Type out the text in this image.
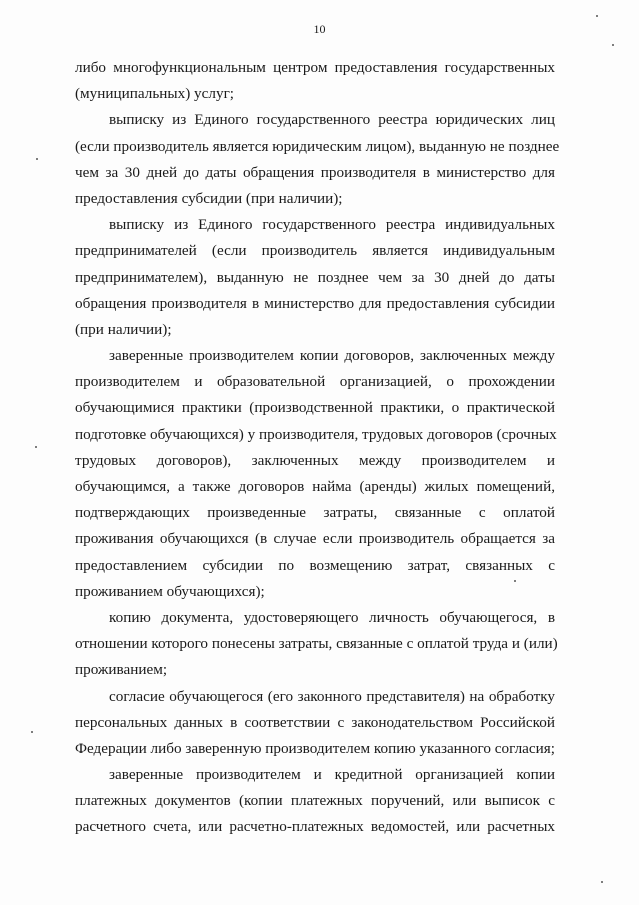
10
либо многофункциональным центром предоставления государственных
(муниципальных) услуг;
выписку из Единого государственного реестра юридических лиц
(если производитель является юридическим лицом), выданную не позднее
чем за 30 дней до даты обращения производителя в министерство для
предоставления субсидии (при наличии);
выписку из Единого государственного реестра индивидуальных
предпринимателей (если производитель является индивидуальным
предпринимателем), выданную не позднее чем за 30 дней до даты
обращения производителя в министерство для предоставления субсидии
(при наличии);
заверенные производителем копии договоров, заключенных между
производителем и образовательной организацией, о прохождении
обучающимися практики (производственной практики, о практической
подготовке обучающихся) у производителя, трудовых договоров (срочных
трудовых договоров), заключенных между производителем и
обучающимся, а также договоров найма (аренды) жилых помещений,
подтверждающих произведенные затраты, связанные с оплатой
проживания обучающихся (в случае если производитель обращается за
предоставлением субсидии по возмещению затрат, связанных с
проживанием обучающихся);
копию документа, удостоверяющего личность обучающегося, в
отношении которого понесены затраты, связанные с оплатой труда и (или)
проживанием;
согласие обучающегося (его законного представителя) на обработку
персональных данных в соответствии с законодательством Российской
Федерации либо заверенную производителем копию указанного согласия;
заверенные производителем и кредитной организацией копии
платежных документов (копии платежных поручений, или выписок с
расчетного счета, или расчетно-платежных ведомостей, или расчетных
